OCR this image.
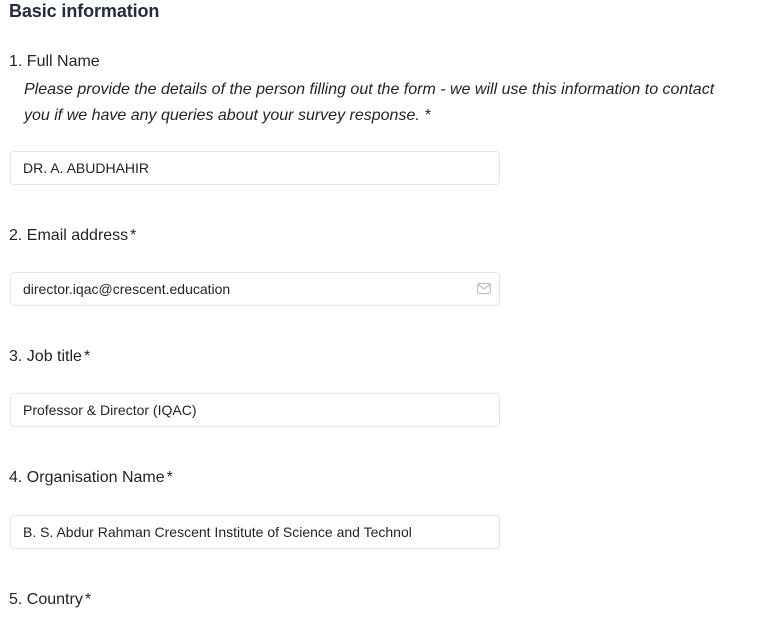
Basic information
1. Full Name
Please provide the details of the person filling out the form - we will use this information to contact you if we have any queries about your survey response. *
DR. A. ABUDHAHIR
2. Email address *
director.iqac@crescent.education
3. Job title *
Professor & Director (IQAC)
4. Organisation Name *
B. S. Abdur Rahman Crescent Institute of Science and Technol
5. Country *
